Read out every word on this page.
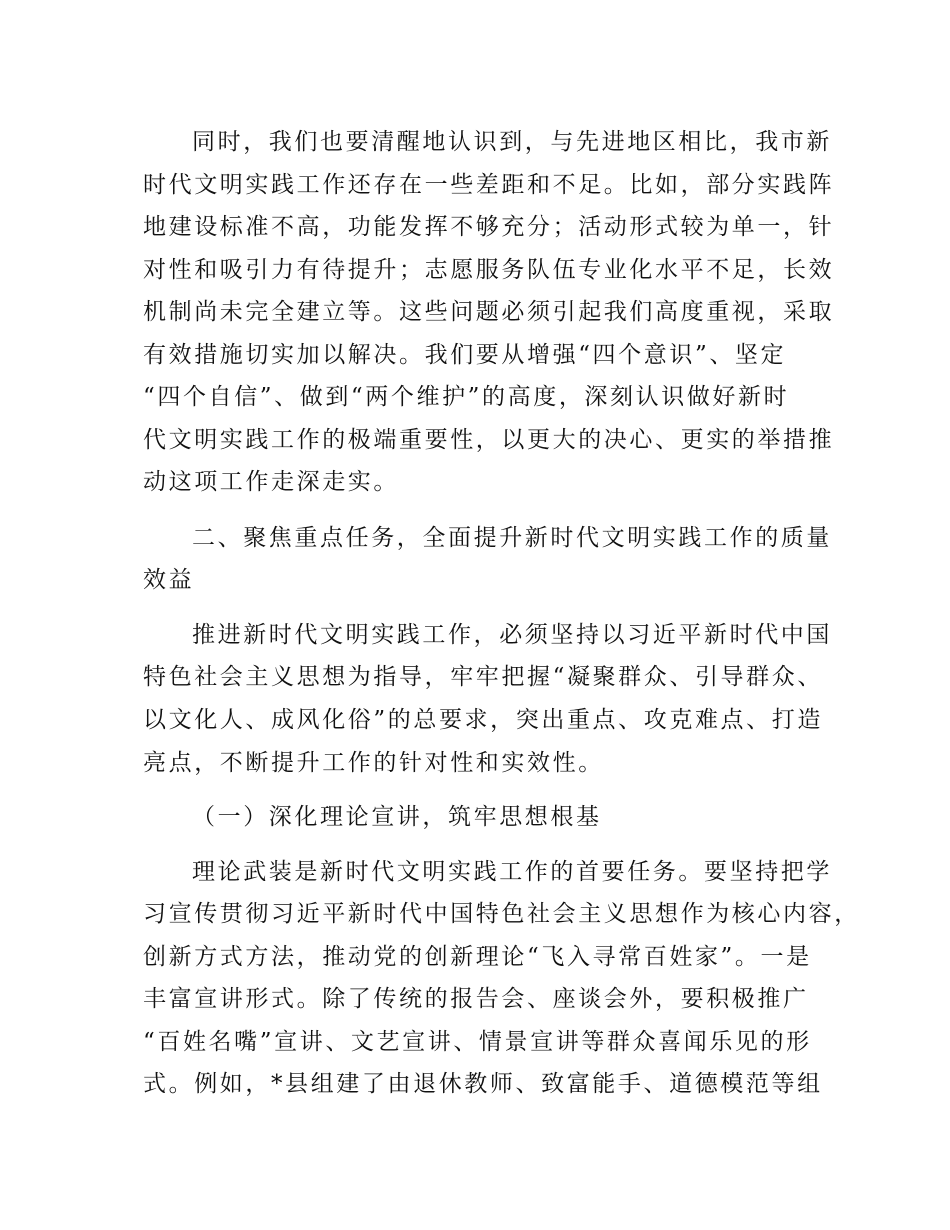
同时，我们也要清醒地认识到，与先进地区相比，我市新
时代文明实践工作还存在一些差距和不足。比如，部分实践阵
地建设标准不高，功能发挥不够充分；活动形式较为单一，针
对性和吸引力有待提升；志愿服务队伍专业化水平不足，长效
机制尚未完全建立等。这些问题必须引起我们高度重视，采取
有效措施切实加以解决。我们要从增强“四个意识”、坚定
“四个自信”、做到“两个维护”的高度，深刻认识做好新时
代文明实践工作的极端重要性，以更大的决心、更实的举措推
动这项工作走深走实。
二、聚焦重点任务，全面提升新时代文明实践工作的质量
效益
推进新时代文明实践工作，必须坚持以习近平新时代中国
特色社会主义思想为指导，牢牢把握“凝聚群众、引导群众、
以文化人、成风化俗”的总要求，突出重点、攻克难点、打造
亮点，不断提升工作的针对性和实效性。
（一）深化理论宣讲，筑牢思想根基
理论武装是新时代文明实践工作的首要任务。要坚持把学
习宣传贯彻习近平新时代中国特色社会主义思想作为核心内容，
创新方式方法，推动党的创新理论“飞入寻常百姓家”。一是
丰富宣讲形式。除了传统的报告会、座谈会外，要积极推广
“百姓名嘴”宣讲、文艺宣讲、情景宣讲等群众喜闻乐见的形
式。例如，*县组建了由退休教师、致富能手、道德模范等组
